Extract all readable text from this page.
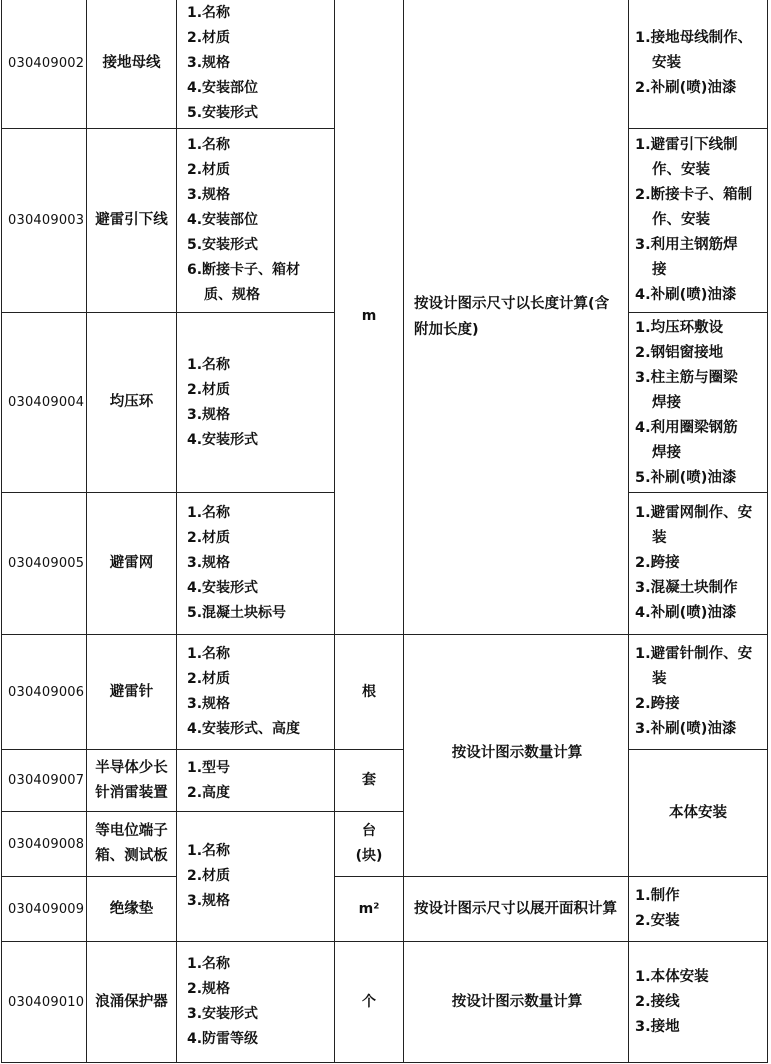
030409002 接地母线
1.名称
2.材质
3.规格
4.安装部位
5.安装形式
1.接地母线制作、
安装
2.补刷(喷)油漆
030409003 避雷引下线
1.名称
2.材质
3.规格
4.安装部位
5.安装形式
6.断接卡子、箱材
质、规格
1.避雷引下线制
作、安装
2.断接卡子、箱制
作、安装
3.利用主钢筋焊
接
4.补刷(喷)油漆
030409004 均压环
1.名称
2.材质
3.规格
4.安装形式
1.均压环敷设
2.钢铝窗接地
3.柱主筋与圈梁
焊接
4.利用圈梁钢筋
焊接
5.补刷(喷)油漆
030409005 避雷网
1.名称
2.材质
3.规格
4.安装形式
5.混凝土块标号
1.避雷网制作、安
装
2.跨接
3.混凝土块制作
4.补刷(喷)油漆
m
按设计图示尺寸以长度计算(含附加长度)
030409006 避雷针
1.名称
2.材质
3.规格
4.安装形式、高度
根
1.避雷针制作、安
装
2.跨接
3.补刷(喷)油漆
按设计图示数量计算
030409007
半导体少长针消雷装置
1.型号
2.高度
套
本体安装
030409008
等电位端子箱、测试板
台
(块)
1.名称
2.材质
3.规格
030409009 绝缘垫	m² 按设计图示尺寸以展开面积计算
1.制作
2.安装
030409010 浪涌保护器
1.名称
2.规格
3.安装形式
4.防雷等级
个	按设计图示数量计算
1.本体安装
2.接线
3.接地
